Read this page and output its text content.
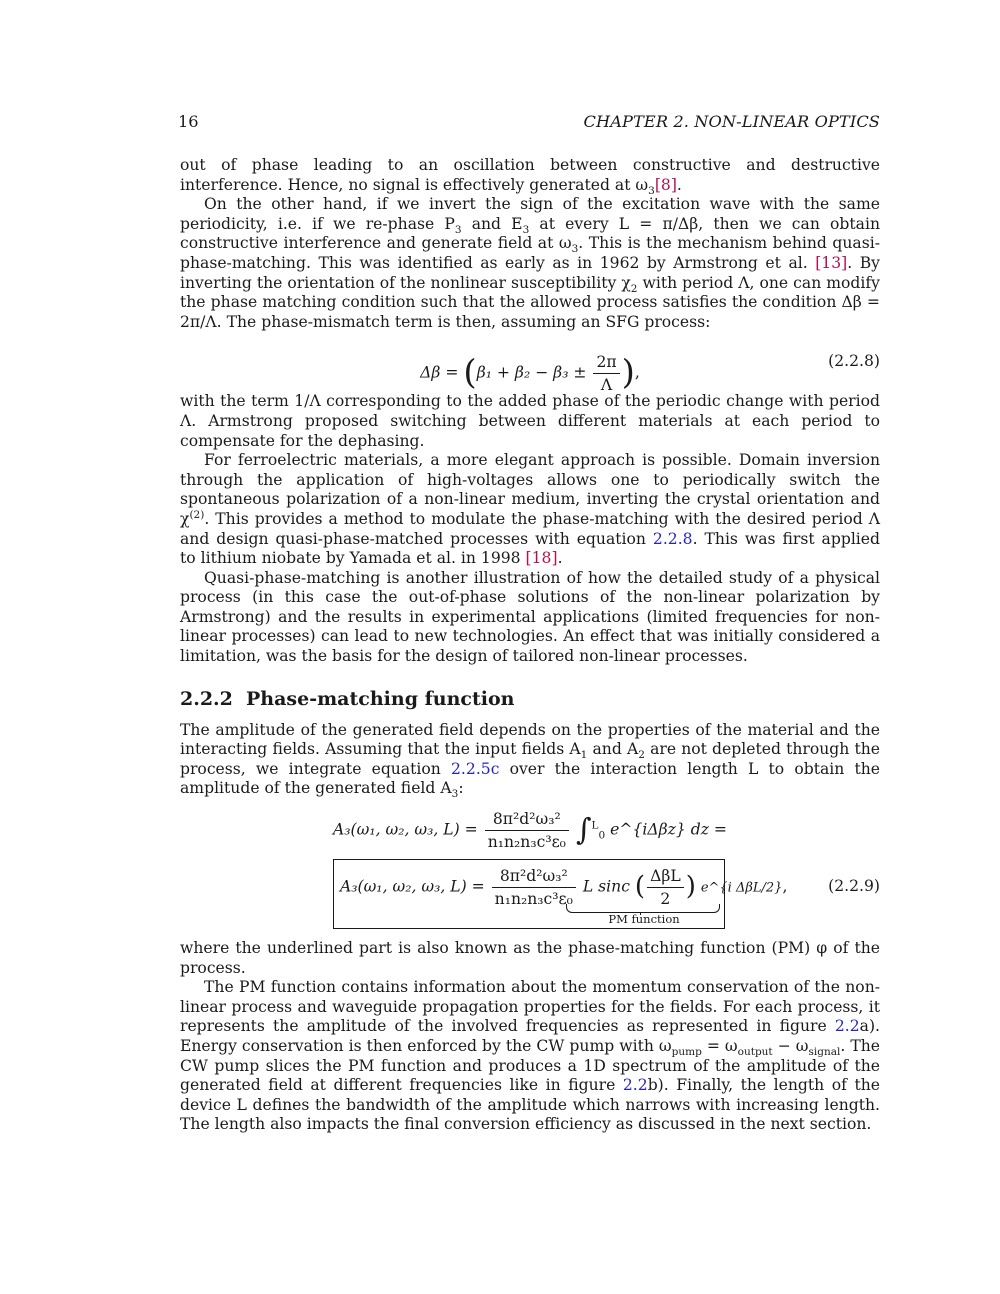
16	CHAPTER 2. NON-LINEAR OPTICS

out of phase leading to an oscillation between constructive and destructive interference. Hence, no signal is effectively generated at $\omega_3[8]$.

On the other hand, if we invert the sign of the excitation wave with the same periodicity, i.e. if we re-phase $P_3$ and $E_3$ at every L = π/Δβ, then we can obtain constructive interference and generate field at $\omega_3$. This is the mechanism behind quasi-phase-matching. This was identified as early as in 1962 by Armstrong et al. [13]. By inverting the orientation of the nonlinear susceptibility $\chi_2$ with period Λ, one can modify the phase matching condition such that the allowed process satisfies the condition Δβ = 2π/Λ. The phase-mismatch term is then, assuming an SFG process:

$\Delta\beta = (\beta_1 + \beta_2 - \beta_3 \pm \frac{2\pi}{\Lambda}$ ),
(2.2.8)

with the term 1/Λ corresponding to the added phase of the periodic change with period Λ. Armstrong proposed switching between different materials at each period to compensate for the dephasing.

For ferroelectric materials, a more elegant approach is possible. Domain inversion through the application of high-voltages allows one to periodically switch the spontaneous polarization of a non-linear medium, inverting the crystal orientation and $\chi^{(2)}$. This provides a method to modulate the phase-matching with the desired period Λ and design quasi-phase-matched processes with equation 2.2.8. This was first applied to lithium niobate by Yamada et al. in 1998 [18].

Quasi-phase-matching is another illustration of how the detailed study of a physical process (in this case the out-of-phase solutions of the non-linear polarization by Armstrong) and the results in experimental applications (limited frequencies for non-linear processes) can lead to new technologies. An effect that was initially considered a limitation, was the basis for the design of tailored non-linear processes.

2.2.2 Phase-matching function

The amplitude of the generated field depends on the properties of the material and the interacting fields. Assuming that the input fields $A_1$ and $A_2$ are not depleted through the process, we integrate equation 2.2.5c over the interaction length L to obtain the amplitude of the generated field $A_3$:

A₃(ω₁, ω₂, ω₃, $L) = \frac{\text{8π²d²ω₃²}}{\text{n₁n₂n₃c³ε₀}} \int^L_0$ e^{iΔβz} dz =
A₃(ω₁, ω₂, ω₃, $L) = \frac{\text{8π²d²ω₃²}}{\text{n₁n₂n₃c³ε₀}}$ L sinc ( $\frac{\text{ΔβL}}{2}$ ) e^{i ΔβL/2},
PM function
(2.2.9)

where the underlined part is also known as the phase-matching function (PM) φ of the process.

The PM function contains information about the momentum conservation of the non-linear process and waveguide propagation properties for the fields. For each process, it represents the amplitude of the involved frequencies as represented in figure 2.2a). Energy conservation is then enforced by the CW pump with $\omega_{pump} = \omega_{output} - \omega_{signal}$. The CW pump slices the PM function and produces a 1D spectrum of the amplitude of the generated field at different frequencies like in figure 2.2b). Finally, the length of the device L defines the bandwidth of the amplitude which narrows with increasing length. The length also impacts the final conversion efficiency as discussed in the next section.
